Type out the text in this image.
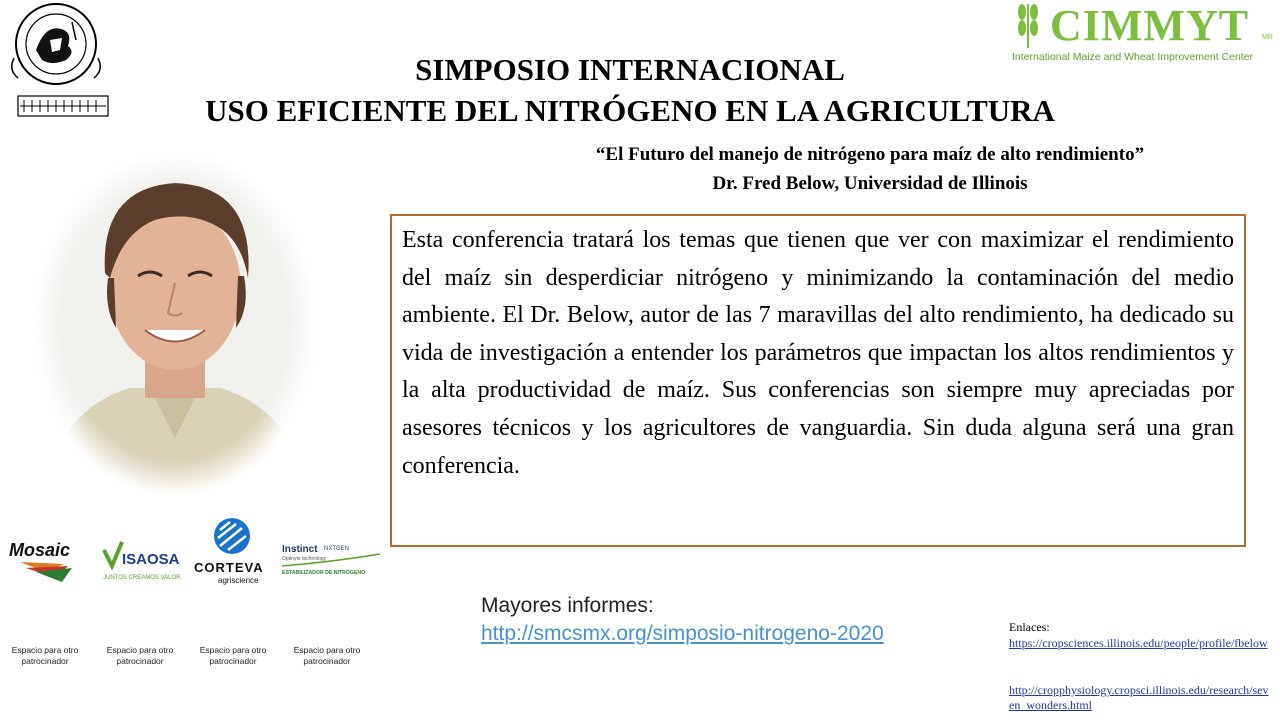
CIMMYT MR
International Maize and Wheat Improvement Center
SIMPOSIO INTERNACIONAL
USO EFICIENTE DEL NITRÓGENO EN LA AGRICULTURA
“El Futuro del manejo de nitrógeno para maíz de alto rendimiento”
Dr. Fred Below, Universidad de Illinois

Esta conferencia tratará los temas que tienen que ver con maximizar el rendimiento del maíz sin desperdiciar nitrógeno y minimizando la contaminación del medio ambiente. El Dr. Below, autor de las 7 maravillas del alto rendimiento, ha dedicado su vida de investigación a entender los parámetros que impactan los altos rendimientos y la alta productividad de maíz. Sus conferencias son siempre muy apreciadas por asesores técnicos y los agricultores de vanguardia. Sin duda alguna será una gran conferencia.

Mosaic	ISAOSA
JUNTOS CREAMOS VALOR
CORTEVA
agriscience
Instinct NXTGEN
Optinyte technology
ESTABILIZADOR DE NITRÓGENO
Espacio para otro patrocinador
Espacio para otro patrocinador
Espacio para otro patrocinador
Espacio para otro patrocinador
Mayores informes:
http://smcsmx.org/simposio-nitrogeno-2020	Enlaces:
https://cropsciences.illinois.edu/people/profile/fbelow
http://cropphysiology.cropsci.illinois.edu/research/seven_wonders.html
